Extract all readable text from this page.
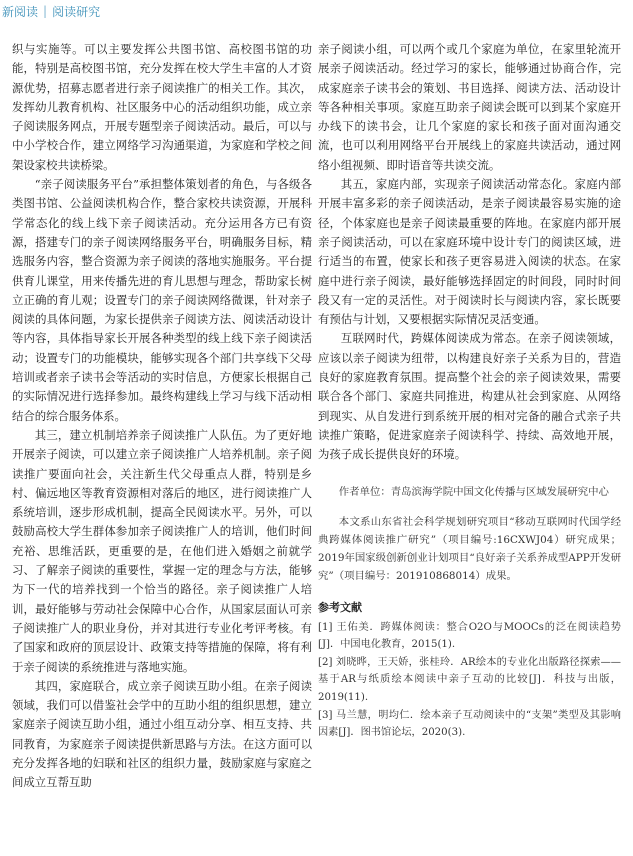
新阅读 | 阅读研究

织与实施等。可以主要发挥公共图书馆、高校图书馆的功能，特别是高校图书馆，充分发挥在校大学生丰富的人才资源优势，招募志愿者进行亲子阅读推广的相关工作。其次，发挥幼儿教育机构、社区服务中心的活动组织功能，成立亲子阅读服务网点，开展专题型亲子阅读活动。最后，可以与中小学校合作，建立网络学习沟通渠道，为家庭和学校之间架设家校共读桥梁。

“亲子阅读服务平台”承担整体策划者的角色，与各级各类图书馆、公益阅读机构合作，整合家校共读资源，开展科学常态化的线上线下亲子阅读活动。充分运用各方已有资源，搭建专门的亲子阅读网络服务平台，明确服务目标，精选服务内容，整合资源为亲子阅读的落地实施服务。平台提供育儿课堂，用来传播先进的育儿思想与理念，帮助家长树立正确的育儿观；设置专门的亲子阅读网络微课，针对亲子阅读的具体问题，为家长提供亲子阅读方法、阅读活动设计等内容，具体指导家长开展各种类型的线上线下亲子阅读活动；设置专门的功能模块，能够实现各个部门共享线下父母培训或者亲子读书会等活动的实时信息，方便家长根据自己的实际情况进行选择参加。最终构建线上学习与线下活动相结合的综合服务体系。

其三，建立机制培养亲子阅读推广人队伍。为了更好地开展亲子阅读，可以建立亲子阅读推广人培养机制。亲子阅读推广要面向社会，关注新生代父母重点人群，特别是乡村、偏远地区等教育资源相对落后的地区，进行阅读推广人系统培训，逐步形成机制，提高全民阅读水平。另外，可以鼓励高校大学生群体参加亲子阅读推广人的培训，他们时间充裕、思维活跃，更重要的是，在他们进入婚姻之前就学习、了解亲子阅读的重要性，掌握一定的理念与方法，能够为下一代的培养找到一个恰当的路径。亲子阅读推广人培训，最好能够与劳动社会保障中心合作，从国家层面认可亲子阅读推广人的职业身份，并对其进行专业化考评考核。有了国家和政府的顶层设计、政策支持等措施的保障，将有利于亲子阅读的系统推进与落地实施。

其四，家庭联合，成立亲子阅读互助小组。在亲子阅读领域，我们可以借鉴社会学中的互助小组的组织思想，建立家庭亲子阅读互助小组，通过小组互动分享、相互支持、共同教育，为家庭亲子阅读提供新思路与方法。在这方面可以充分发挥各地的妇联和社区的组织力量，鼓励家庭与家庭之间成立互帮互助

亲子阅读小组，可以两个或几个家庭为单位，在家里轮流开展亲子阅读活动。经过学习的家长，能够通过协商合作，完成家庭亲子读书会的策划、书目选择、阅读方法、活动设计等各种相关事项。家庭互助亲子阅读会既可以到某个家庭开办线下的读书会，让几个家庭的家长和孩子面对面沟通交流，也可以利用网络平台开展线上的家庭共读活动，通过网络小组视频、即时语音等共读交流。

其五，家庭内部，实现亲子阅读活动常态化。家庭内部开展丰富多彩的亲子阅读活动，是亲子阅读最容易实施的途径，个体家庭也是亲子阅读最重要的阵地。在家庭内部开展亲子阅读活动，可以在家庭环境中设计专门的阅读区域，进行适当的布置，使家长和孩子更容易进入阅读的状态。在家庭中进行亲子阅读，最好能够选择固定的时间段，同时时间段又有一定的灵活性。对于阅读时长与阅读内容，家长既要有预估与计划，又要根据实际情况灵活变通。

互联网时代，跨媒体阅读成为常态。在亲子阅读领域，应该以亲子阅读为纽带，以构建良好亲子关系为目的，营造良好的家庭教育氛围。提高整个社会的亲子阅读效果，需要联合各个部门、家庭共同推进，构建从社会到家庭、从网络到现实、从自发进行到系统开展的相对完备的融合式亲子共读推广策略，促进家庭亲子阅读科学、持续、高效地开展，为孩子成长提供良好的环境。

作者单位：青岛滨海学院中国文化传播与区域发展研究中心
本文系山东省社会科学规划研究项目“移动互联网时代国学经典跨媒体阅读推广研究”（项目编号:16CXWJ04）研究成果；2019年国家级创新创业计划项目“良好亲子关系养成型APP开发研究”（项目编号：201910868014）成果。
参考文献
[1] 王佑美．跨媒体阅读：整合O2O与MOOCs的泛在阅读趋势[J]．中国电化教育，2015(1).
[2] 刘晓晔，王天娇，张桂玲．AR绘本的专业化出版路径探索——基于AR与纸质绘本阅读中亲子互动的比较[J]．科技与出版，2019(11).
[3] 马兰慧，明均仁．绘本亲子互动阅读中的“支架”类型及其影响因素[J]．图书馆论坛，2020(3).
